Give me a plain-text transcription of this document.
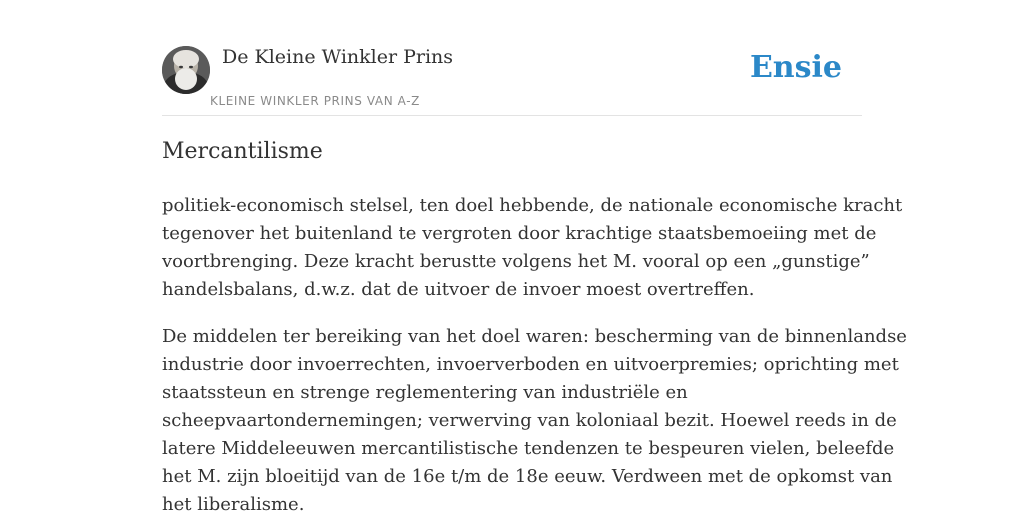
De Kleine Winkler Prins
KLEINE WINKLER PRINS VAN A-Z
Ensie
Mercantilisme

politiek-economisch stelsel, ten doel hebbende, de nationale economische kracht
tegenover het buitenland te vergroten door krachtige staatsbemoeiing met de
voortbrenging. Deze kracht berustte volgens het M. vooral op een „gunstige”
handelsbalans, d.w.z. dat de uitvoer de invoer moest overtreffen.

De middelen ter bereiking van het doel waren: bescherming van de binnenlandse
industrie door invoerrechten, invoerverboden en uitvoerpremies; oprichting met
staatssteun en strenge reglementering van industriële en
scheepvaartondernemingen; verwerving van koloniaal bezit. Hoewel reeds in de
latere Middeleeuwen mercantilistische tendenzen te bespeuren vielen, beleefde
het M. zijn bloeitijd van de 16e t/m de 18e eeuw. Verdween met de opkomst van
het liberalisme.
